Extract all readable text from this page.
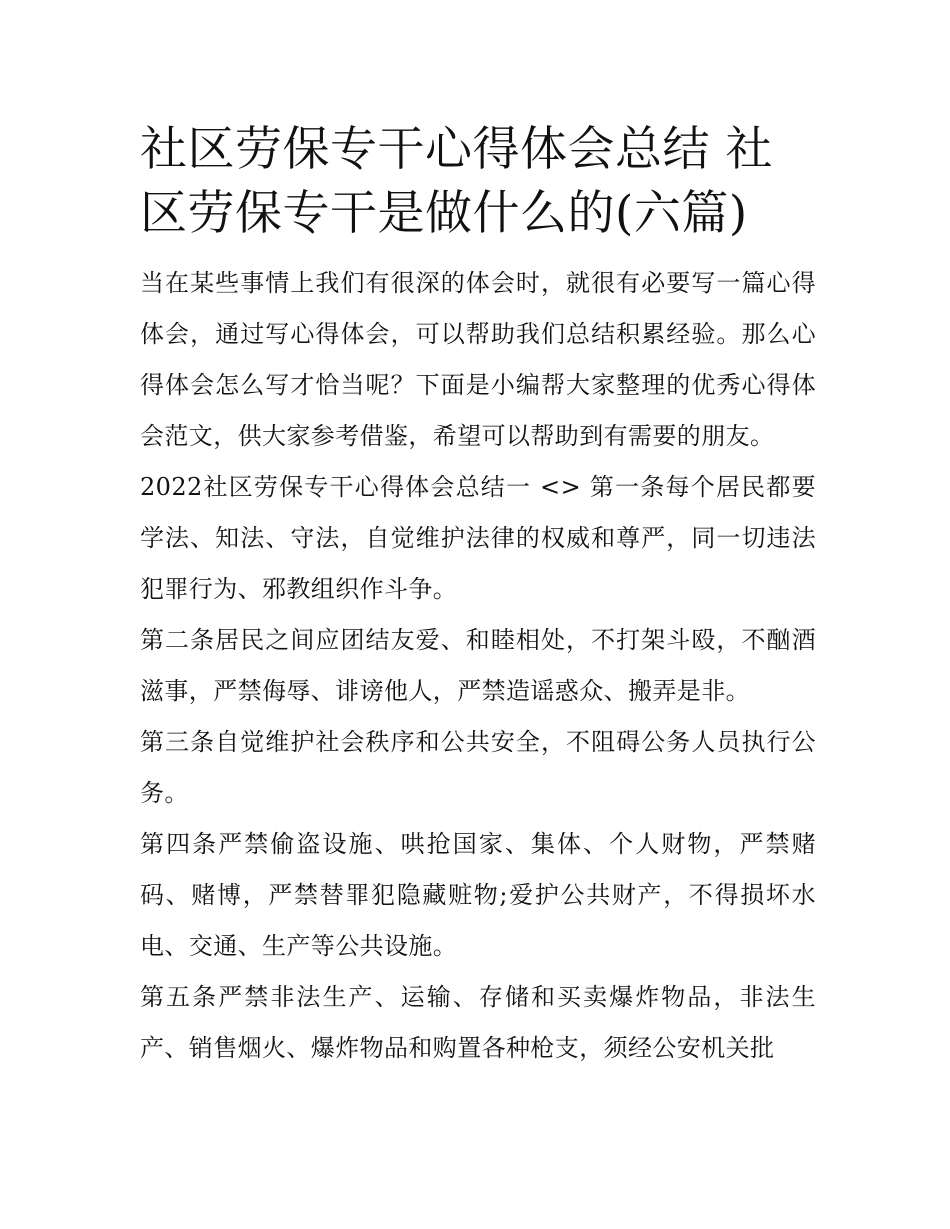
社区劳保专干心得体会总结 社区劳保专干是做什么的(六篇)

当在某些事情上我们有很深的体会时，就很有必要写一篇心得体会，通过写心得体会，可以帮助我们总结积累经验。那么心得体会怎么写才恰当呢？下面是小编帮大家整理的优秀心得体会范文，供大家参考借鉴，希望可以帮助到有需要的朋友。

2022社区劳保专干心得体会总结一 <> 第一条每个居民都要学法、知法、守法，自觉维护法律的权威和尊严，同一切违法犯罪行为、邪教组织作斗争。

第二条居民之间应团结友爱、和睦相处，不打架斗殴，不酗酒滋事，严禁侮辱、诽谤他人，严禁造谣惑众、搬弄是非。

第三条自觉维护社会秩序和公共安全，不阻碍公务人员执行公务。

第四条严禁偷盗设施、哄抢国家、集体、个人财物，严禁赌码、赌博，严禁替罪犯隐藏赃物;爱护公共财产，不得损坏水电、交通、生产等公共设施。

第五条严禁非法生产、运输、存储和买卖爆炸物品，非法生产、销售烟火、爆炸物品和购置各种枪支，须经公安机关批
